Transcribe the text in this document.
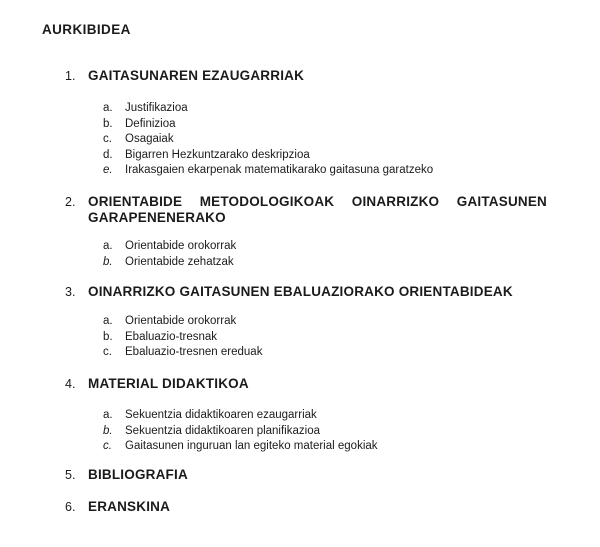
AURKIBIDEA
1. GAITASUNAREN EZAUGARRIAK
a.	Justifikazioa
b.	Definizioa
c.	Osagaiak
d.	Bigarren Hezkuntzarako deskripzioa
e.	Irakasgaien ekarpenak matematikarako gaitasuna garatzeko
2. ORIENTABIDE METODOLOGIKOAK OINARRIZKO GAITASUNEN GARAPENENERAKO
a.	Orientabide orokorrak
b.	Orientabide zehatzak
3. OINARRIZKO GAITASUNEN EBALUAZIORAKO ORIENTABIDEAK
a.	Orientabide orokorrak
b.	Ebaluazio-tresnak
c.	Ebaluazio-tresnen ereduak
4. MATERIAL DIDAKTIKOA
a.	Sekuentzia didaktikoaren ezaugarriak
b.	Sekuentzia didaktikoaren planifikazioa
c.	Gaitasunen inguruan lan egiteko material egokiak
5. BIBLIOGRAFIA
6. ERANSKINA
